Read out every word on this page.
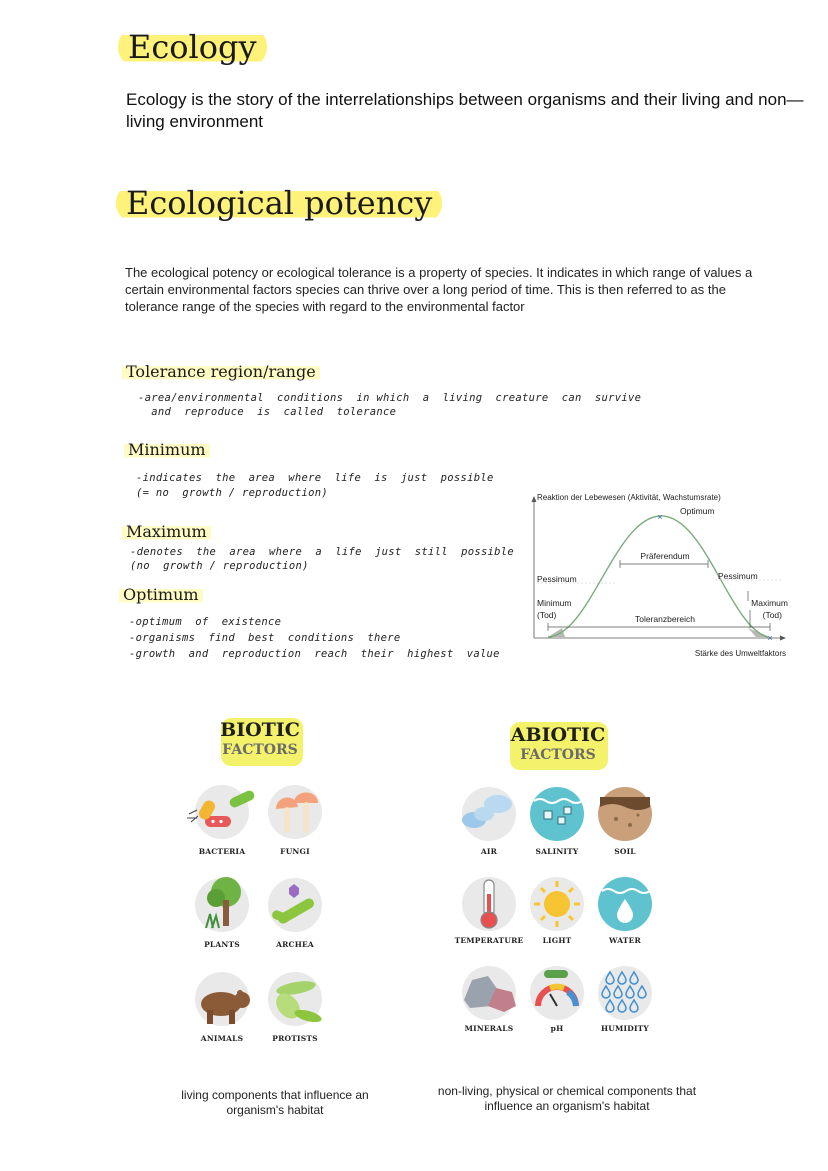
Ecology
Ecology is the story of the interrelationships between organisms and their living and non—living environment
Ecological potency
The ecological potency or ecological tolerance is a property of species. It indicates in which range of values a certain environmental factors species can thrive over a long period of time. This is then referred to as the tolerance range of the species with regard to the environmental factor
Tolerance region/range
-area/environmental  conditions  in which  a  living  creature  can  survive
and  reproduce  is  called  tolerance
Minimum
-indicates  the  area  where  life  is  just  possible
(= no  growth / reproduction)
Maximum
-denotes  the  area  where  a  life  just  still  possible
(no  growth / reproduction)
Optimum
-optimum  of  existence
-organisms  find  best  conditions  there
-growth  and  reproduction  reach  their  highest  value
Reaktion der Lebewesen (Aktivität, Wachstumsrate)
Stärke des Umweltfaktors
×
Optimum
Präferendum
Pessimum	Pessimum
Minimum
(Tod)
Maximum
(Tod)
Toleranzbereich
×
BIOTIC
FACTORS
BACTERIA	FUNGI
PLANTS	ARCHEA
ANIMALS	PROTISTS
living components that influence an organism's habitat
ABIOTIC
FACTORS
AIR	SALINITY	SOIL
TEMPERATURE	LIGHT	WATER
MINERALS	pH	HUMIDITY
non-living, physical or chemical components that influence an organism's habitat
